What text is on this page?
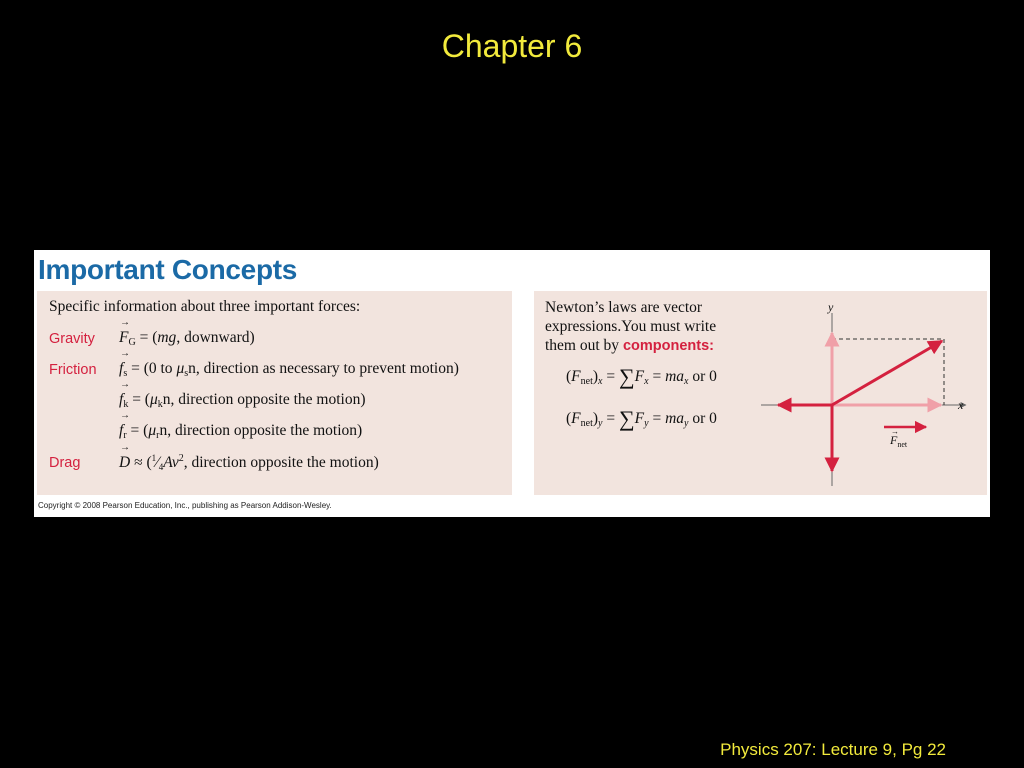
Chapter 6
Important Concepts
Specific information about three important forces:
Gravity → $F_G = (mg$, downward)
Friction → $f_s = (0$ to $\mu_sn$, direction as necessary to prevent motion)
→ $f_k = (\mu_kn$, direction opposite the motion)
→ $f_r = (\mu_rn$, direction opposite the motion)
Drag → $D \approx (^1⁄_4Av^2$, direction opposite the motion)
Newton’s laws are vector
expressions.You must write
them out by components:
$(F_{net})_x = \sum F_x = ma_x$ or 0
$(F_{net})_y = \sum F_y = ma_y$ or 0
x
y
$F_{net}$
→
Copyright © 2008 Pearson Education, Inc., publishing as Pearson Addison-Wesley.
Physics 207: Lecture 9, Pg 22
